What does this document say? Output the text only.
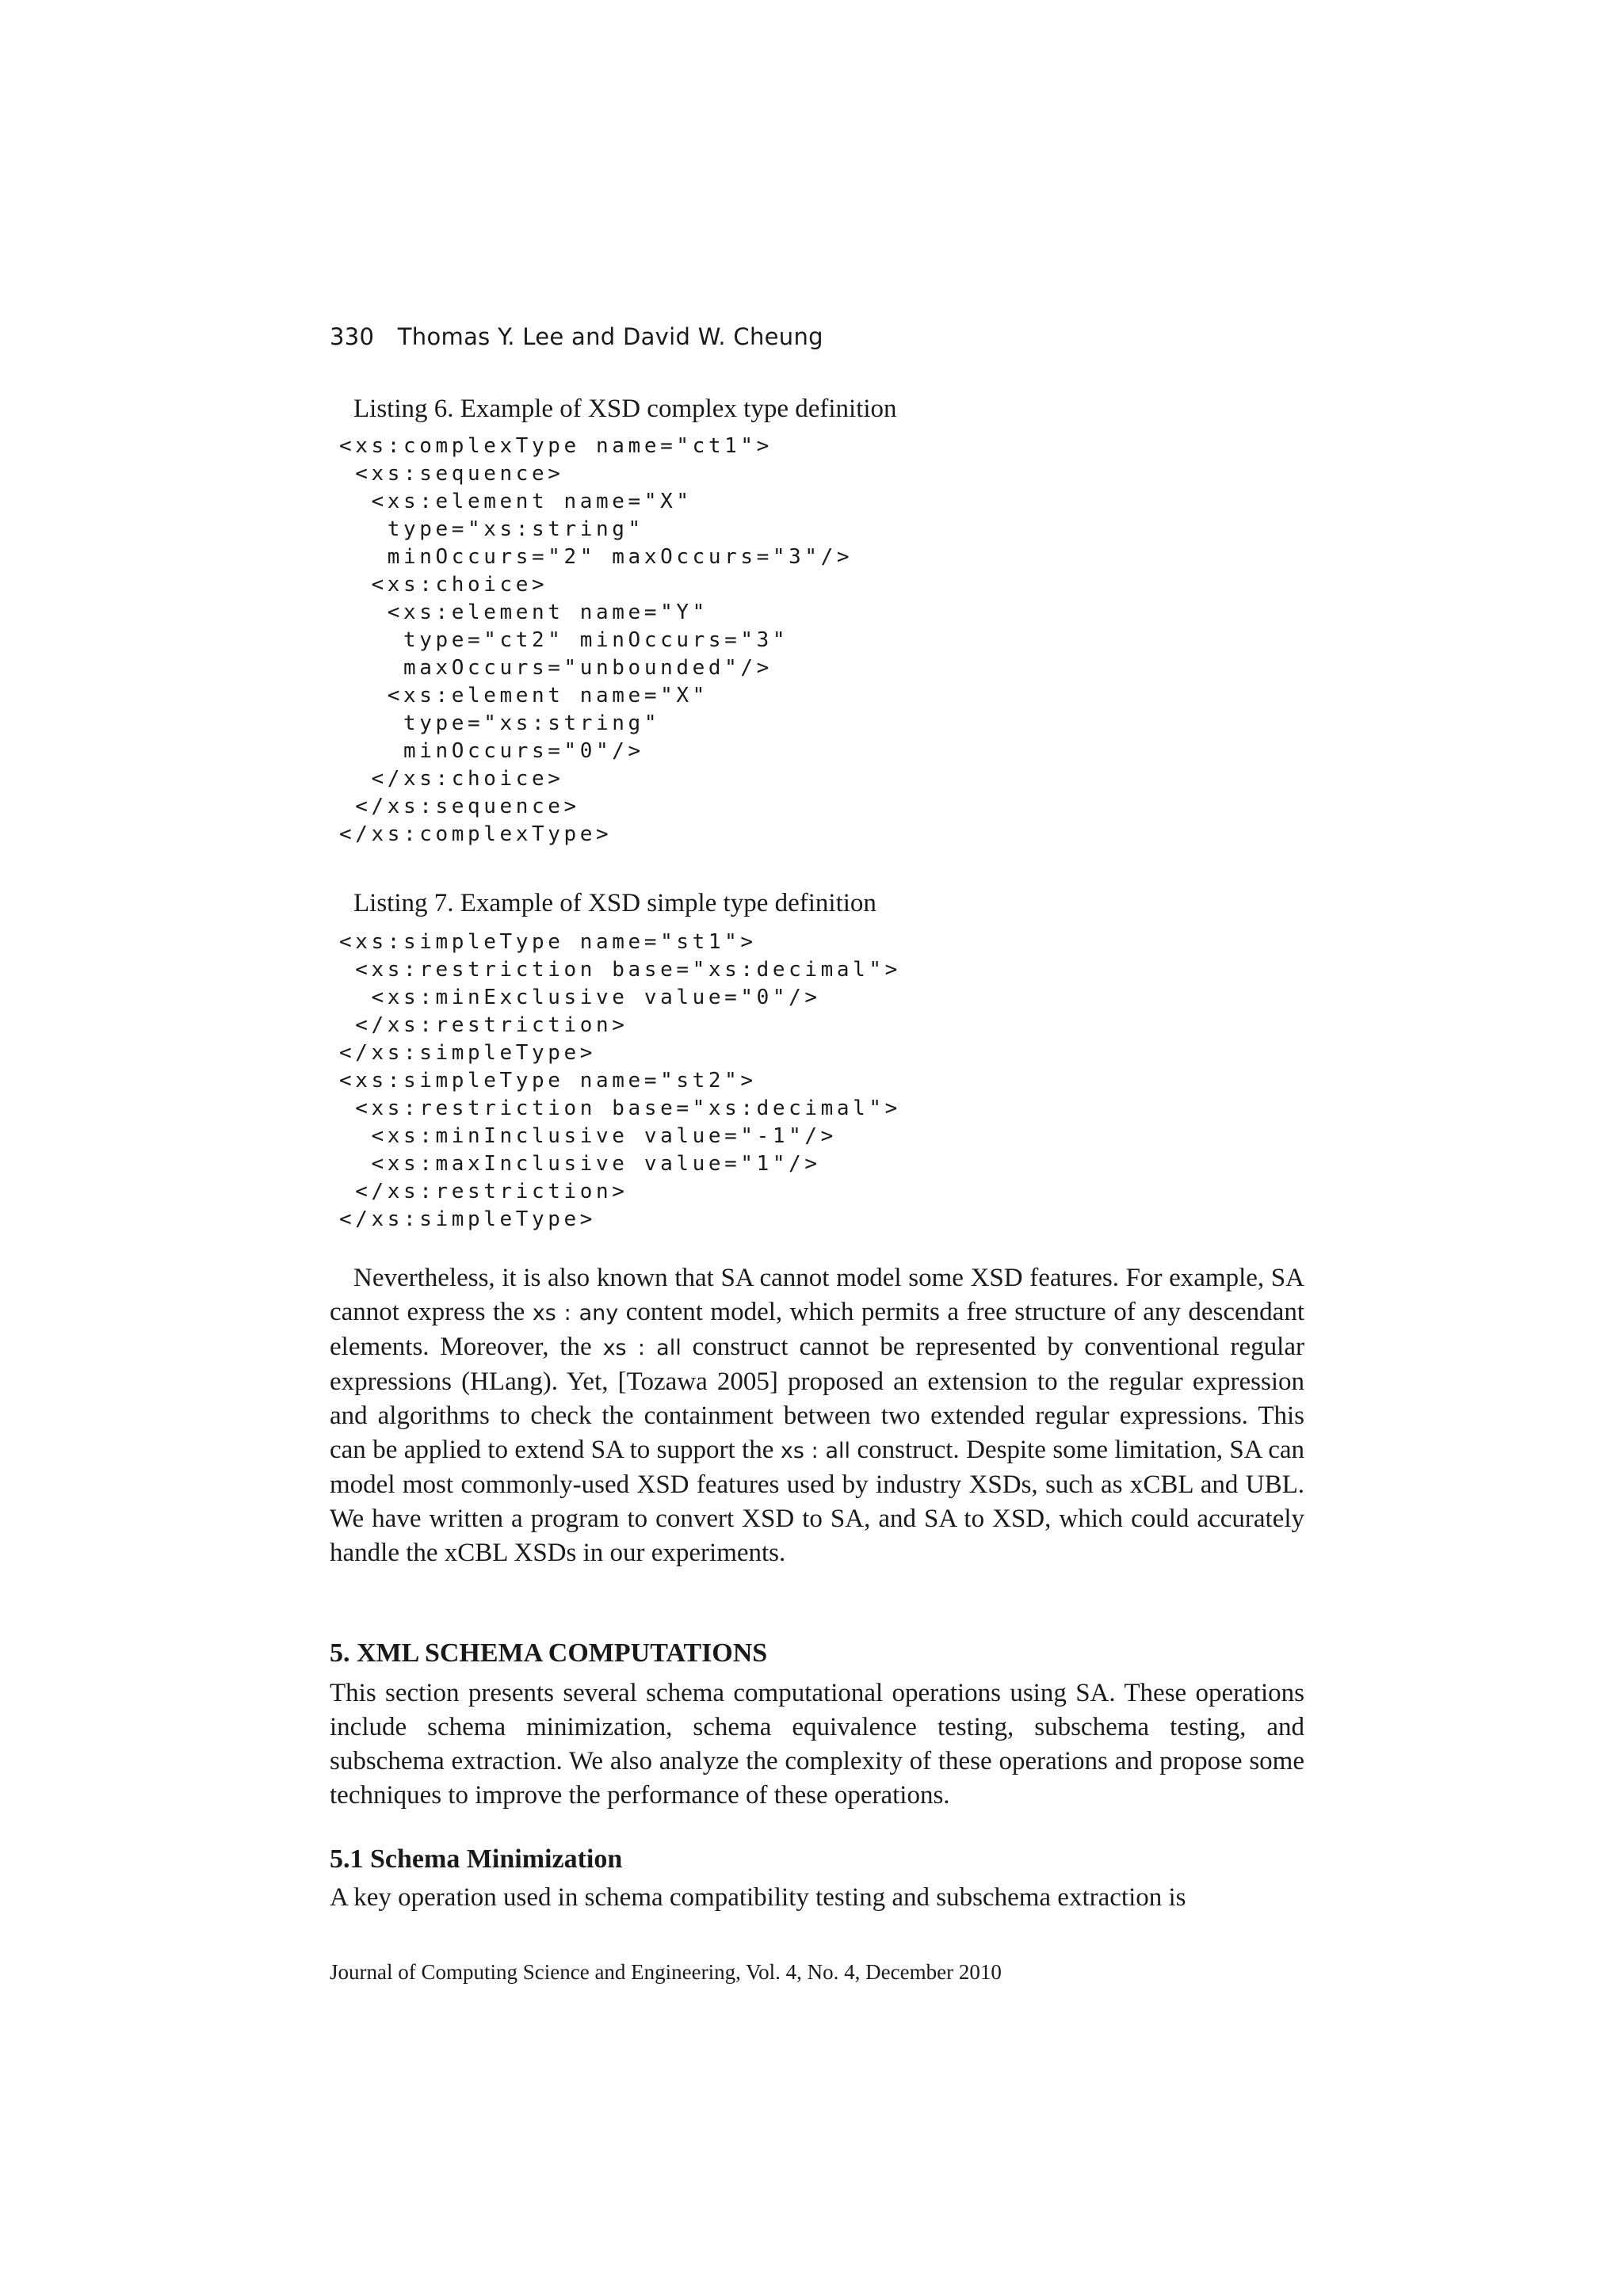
330 Thomas Y. Lee and David W. Cheung
Listing 6. Example of XSD complex type definition
<xs:complexType name="ct1">
<xs:sequence>
<xs:element name="X"
type="xs:string"
minOccurs="2" maxOccurs="3"/>
<xs:choice>
<xs:element name="Y"
type="ct2" minOccurs="3"
maxOccurs="unbounded"/>
<xs:element name="X"
type="xs:string"
minOccurs="0"/>
</xs:choice>
</xs:sequence>
</xs:complexType>
Listing 7. Example of XSD simple type definition
<xs:simpleType name="st1">
<xs:restriction base="xs:decimal">
<xs:minExclusive value="0"/>
</xs:restriction>
</xs:simpleType>
<xs:simpleType name="st2">
<xs:restriction base="xs:decimal">
<xs:minInclusive value="-1"/>
<xs:maxInclusive value="1"/>
</xs:restriction>
</xs:simpleType>

Nevertheless, it is also known that SA cannot model some XSD features. For example, SA cannot express the xs : any content model, which permits a free structure of any descendant elements. Moreover, the xs : all construct cannot be represented by conventional regular expressions (HLang). Yet, [Tozawa 2005] proposed an extension to the regular expression and algorithms to check the containment between two extended regular expressions. This can be applied to extend SA to support the xs : all construct. Despite some limitation, SA can model most commonly-used XSD features used by industry XSDs, such as xCBL and UBL. We have written a program to convert XSD to SA, and SA to XSD, which could accurately handle the xCBL XSDs in our experiments.

5. XML SCHEMA COMPUTATIONS

This section presents several schema computational operations using SA. These operations include schema minimization, schema equivalence testing, subschema testing, and subschema extraction. We also analyze the complexity of these operations and propose some techniques to improve the performance of these operations.

5.1 Schema Minimization

A key operation used in schema compatibility testing and subschema extraction is

Journal of Computing Science and Engineering, Vol. 4, No. 4, December 2010
